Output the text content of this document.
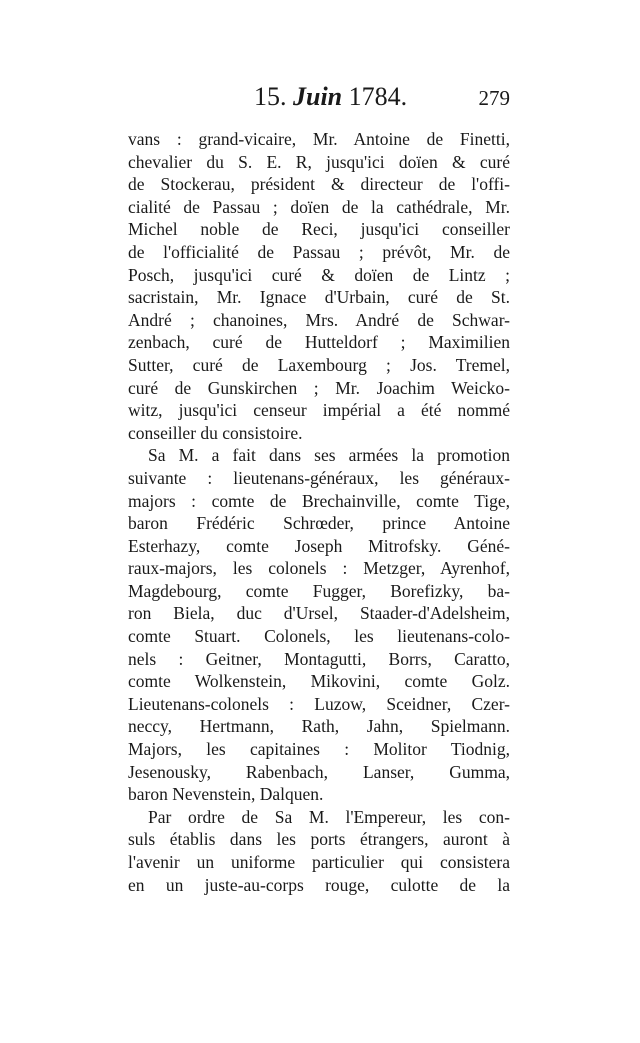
15. Juin 1784.	279
vans : grand-vicaire, Mr. Antoine de Finetti,
chevalier du S. E. R, jusqu'ici doïen & curé
de Stockerau, président & directeur de l'offi-
cialité de Passau ; doïen de la cathédrale, Mr.
Michel noble de Reci, jusqu'ici conseiller
de l'officialité de Passau ; prévôt, Mr. de
Posch, jusqu'ici curé & doïen de Lintz ;
sacristain, Mr. Ignace d'Urbain, curé de St.
André ; chanoines, Mrs. André de Schwar-
zenbach, curé de Hutteldorf ; Maximilien
Sutter, curé de Laxembourg ; Jos. Tremel,
curé de Gunskirchen ; Mr. Joachim Weicko-
witz, jusqu'ici censeur impérial a été nommé
conseiller du consistoire.
Sa M. a fait dans ses armées la promotion
suivante : lieutenans-généraux, les généraux-
majors : comte de Brechainville, comte Tige,
baron Frédéric Schrœder, prince Antoine
Esterhazy, comte Joseph Mitrofsky. Géné-
raux-majors, les colonels : Metzger, Ayrenhof,
Magdebourg, comte Fugger, Borefizky, ba-
ron Biela, duc d'Ursel, Staader-d'Adelsheim,
comte Stuart. Colonels, les lieutenans-colo-
nels : Geitner, Montagutti, Borrs, Caratto,
comte Wolkenstein, Mikovini, comte Golz.
Lieutenans-colonels : Luzow, Sceidner, Czer-
neccy, Hertmann, Rath, Jahn, Spielmann.
Majors, les capitaines : Molitor Tiodnig,
Jesenousky, Rabenbach, Lanser, Gumma,
baron Nevenstein, Dalquen.
Par ordre de Sa M. l'Empereur, les con-
suls établis dans les ports étrangers, auront à
l'avenir un uniforme particulier qui consistera
en un juste-au-corps rouge, culotte de la
